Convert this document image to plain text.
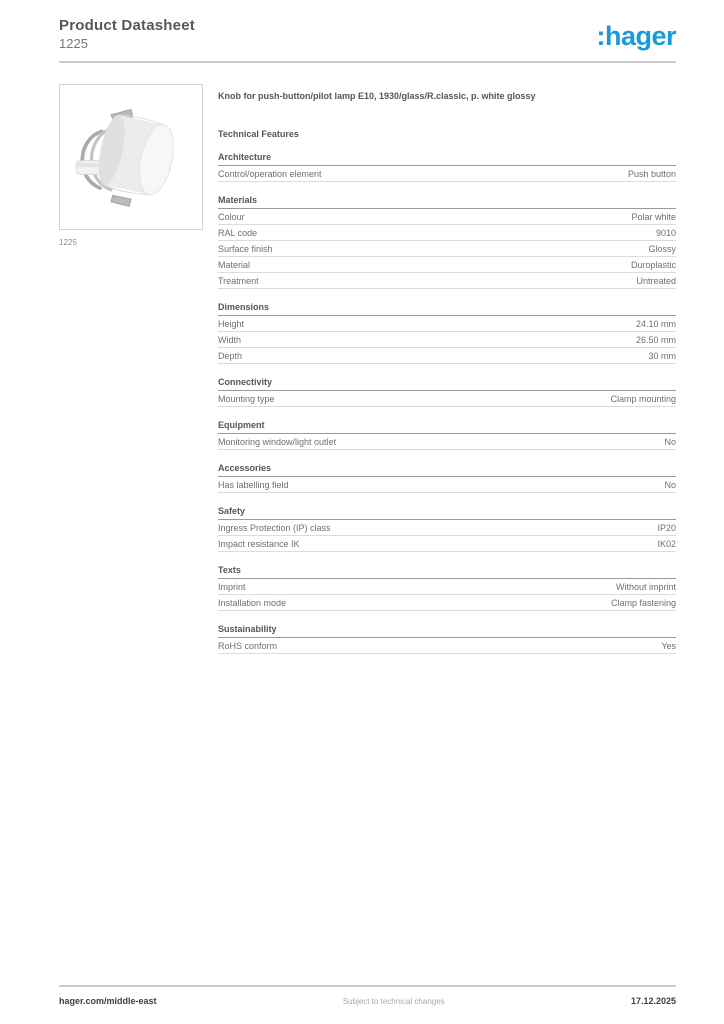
Product Datasheet
1225	:hager
1225
Knob for push-button/pilot lamp E10, 1930/glass/R.classic, p. white glossy
Technical Features
Architecture
Control/operation element	Push button
Materials
Colour	Polar white
RAL code	9010
Surface finish	Glossy
Material	Duroplastic
Treatment	Untreated
Dimensions
Height	24.10 mm
Width	26.50 mm
Depth	30 mm
Connectivity
Mounting type	Clamp mounting
Equipment
Monitoring window/light outlet	No
Accessories
Has labelling field	No
Safety
Ingress Protection (IP) class	IP20
Impact resistance IK	IK02
Texts
Imprint	Without imprint
Installation mode	Clamp fastening
Sustainability
RoHS conform	Yes
hager.com/middle-east	Subject to technical changes	17.12.2025
